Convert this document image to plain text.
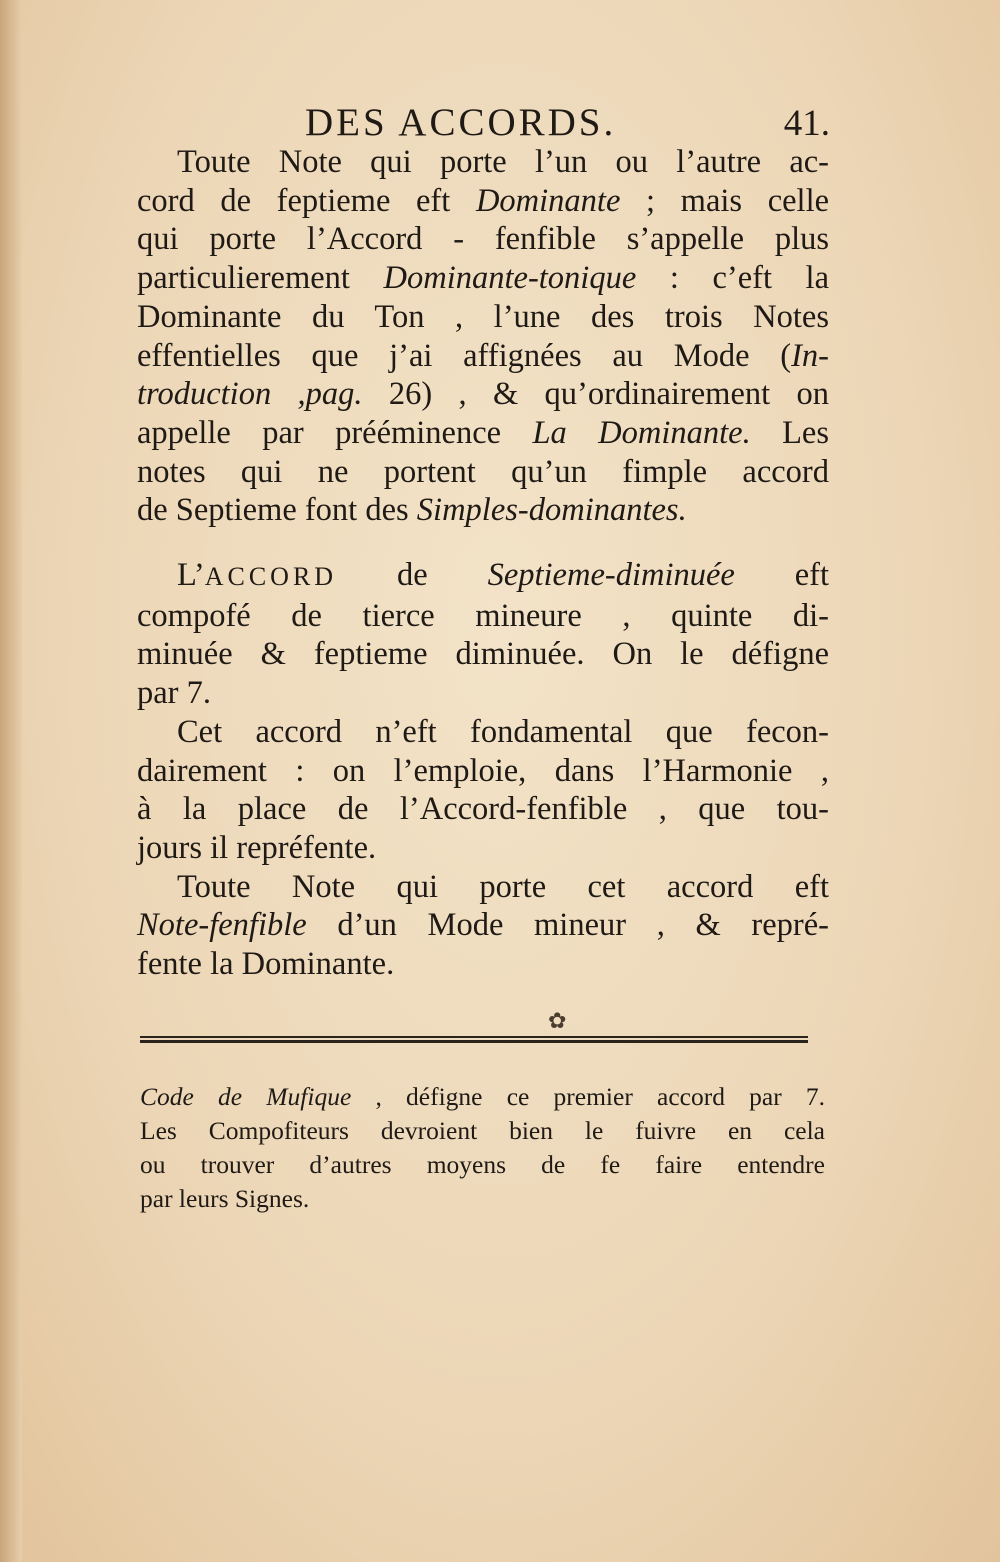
DES ACCORDS.	41.
Toute Note qui porte l’un ou l’autre ac-
cord de feptieme eft Dominante ; mais celle
qui porte l’Accord - fenfible s’appelle plus
particulierement Dominante-tonique : c’eft la
Dominante du Ton , l’une des trois Notes
effentielles que j’ai affignées au Mode (In-
troduction ,pag. 26) , & qu’ordinairement on
appelle par prééminence La Dominante. Les
notes qui ne portent qu’un fimple accord
de Septieme font des Simples-dominantes.
L’ACCORD de Septieme-diminuée eft
compofé de tierce mineure , quinte di-
minuée & feptieme diminuée. On le défigne
par 7.
Cet accord n’eft fondamental que fecon-
dairement : on l’emploie, dans l’Harmonie ,
à la place de l’Accord-fenfible , que tou-
jours il repréfente.
Toute Note qui porte cet accord eft
Note-fenfible d’un Mode mineur , & repré-
fente la Dominante.
✿
Code de Mufique , défigne ce premier accord par 7.
Les Compofiteurs devroient bien le fuivre en cela
ou trouver d’autres moyens de fe faire entendre
par leurs Signes.
